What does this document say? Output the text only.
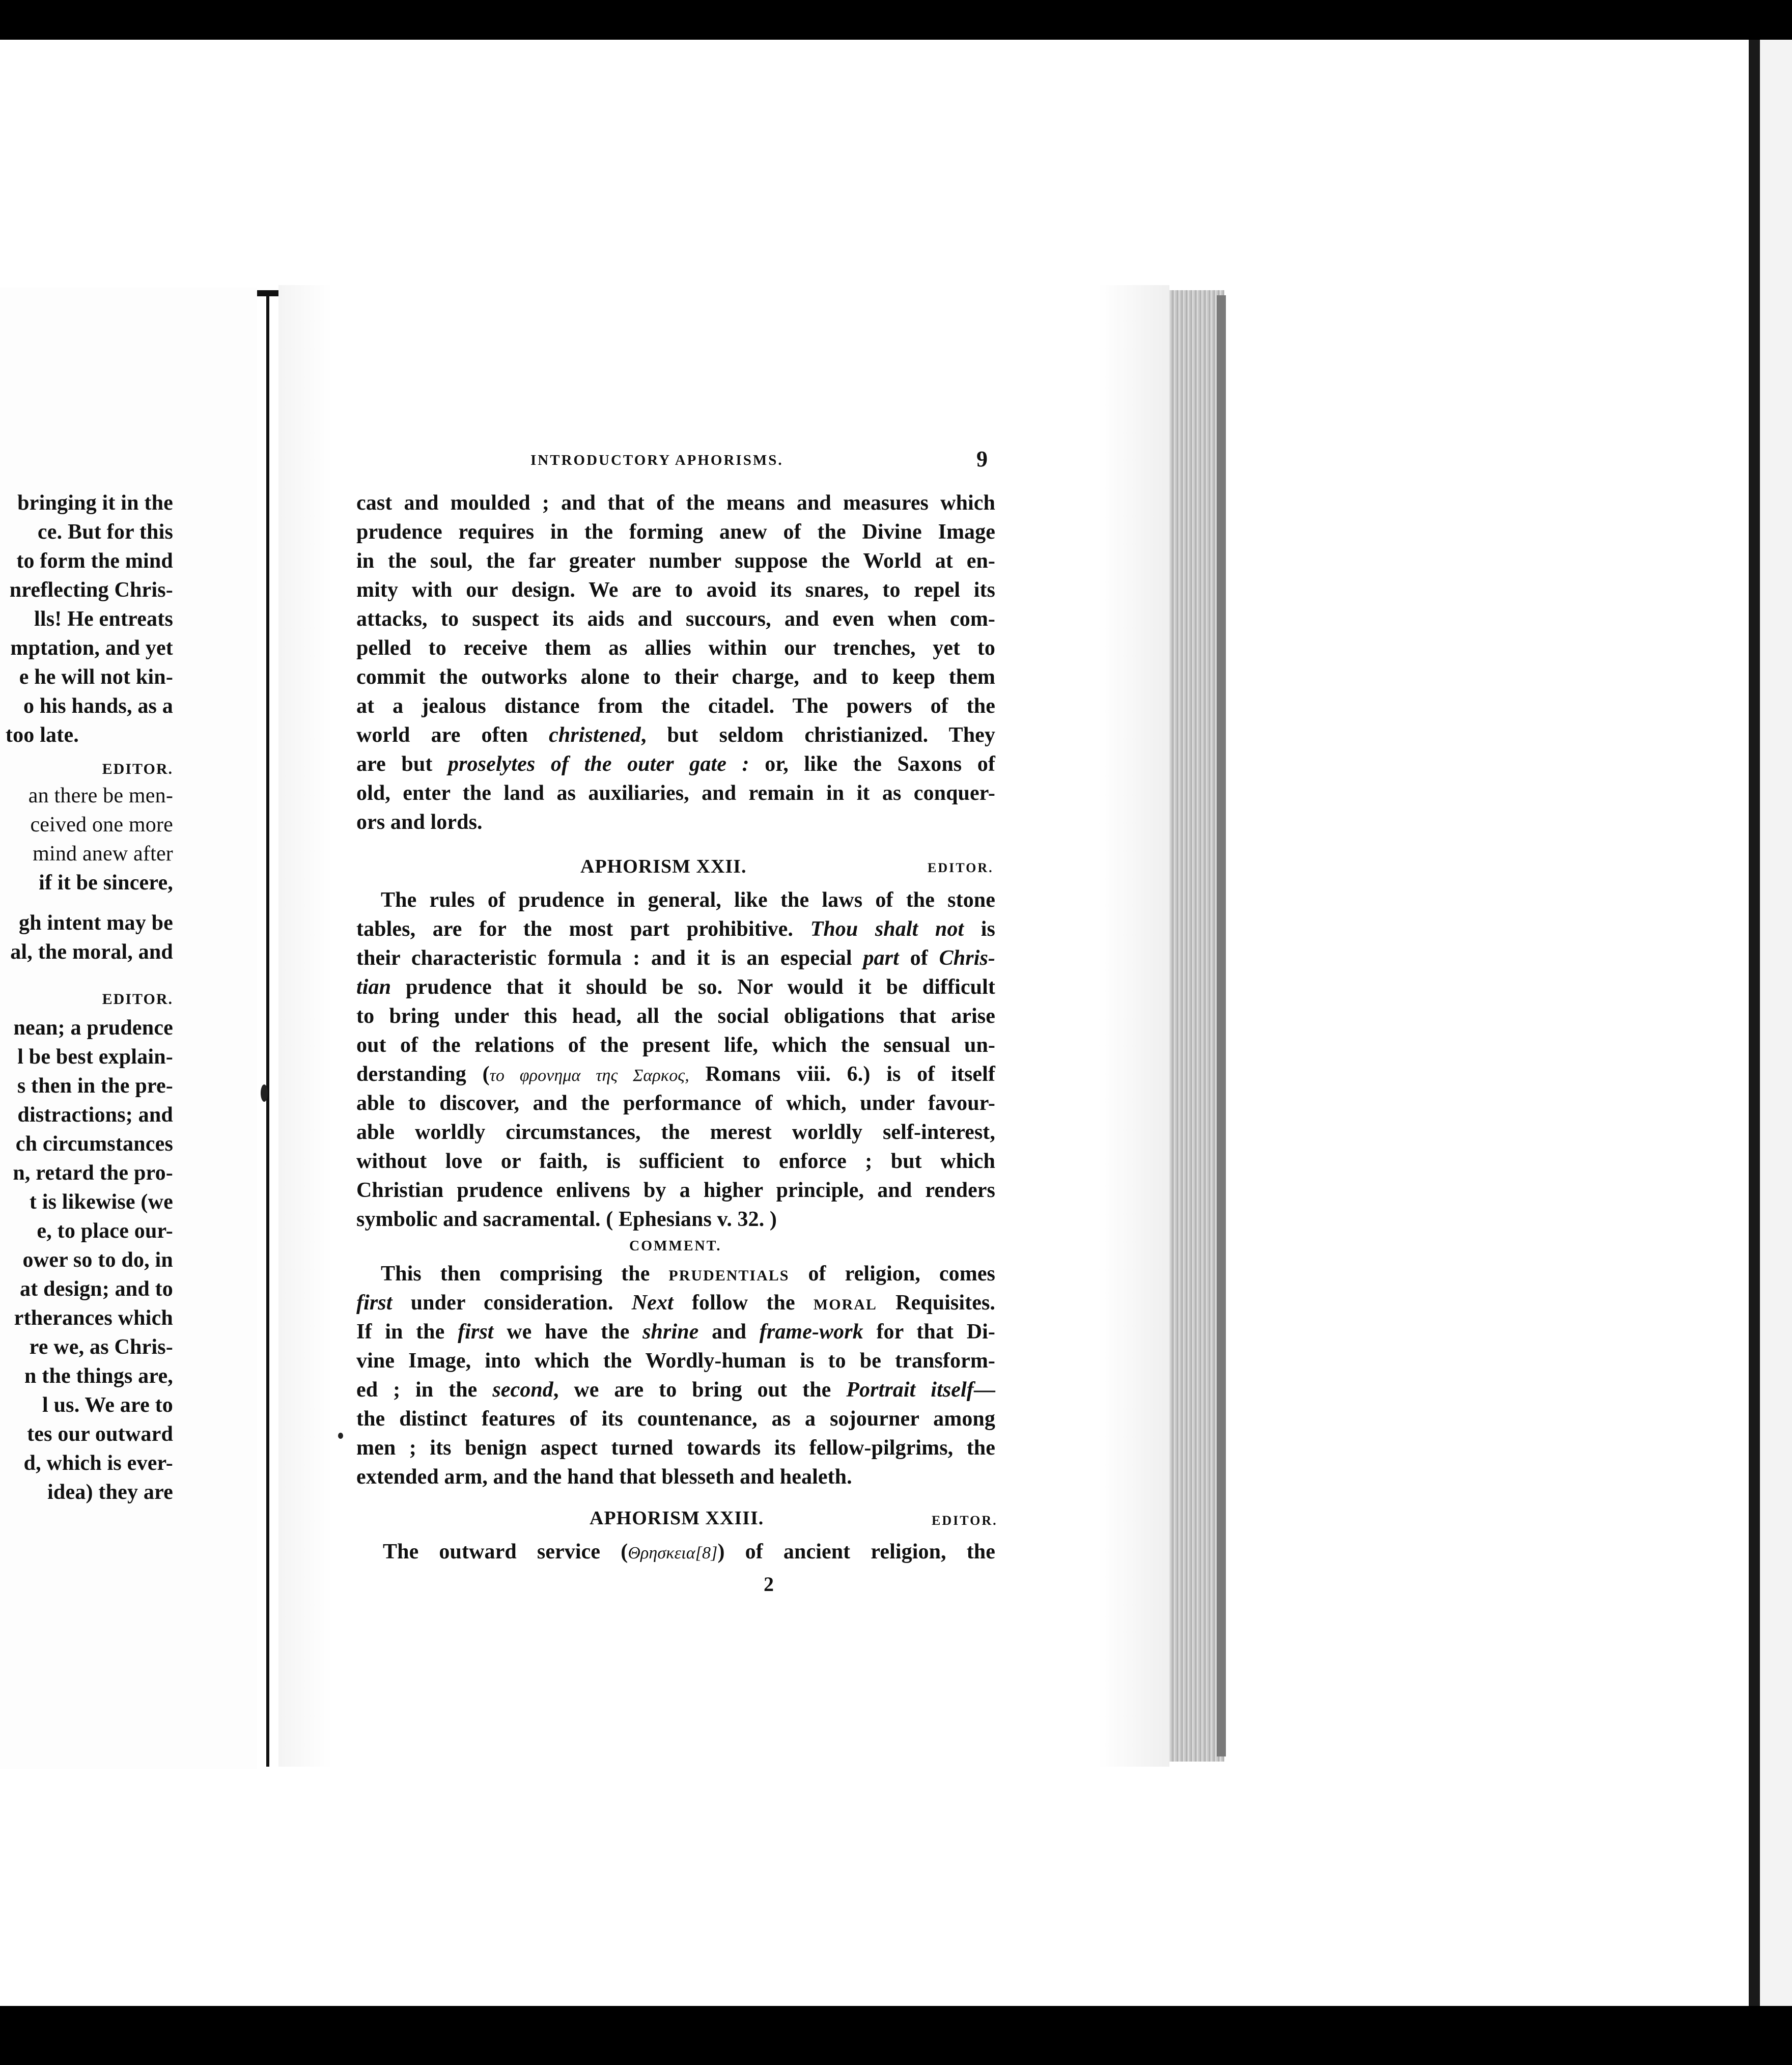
bringing it in the
ce. But for this
to form the mind
nreflecting Chris-
lls! He entreats
mptation, and yet
e he will not kin-
o his hands, as a
too late.
EDITOR.
an there be men-
ceived one more
mind anew after
if it be sincere,
gh intent may be
al, the moral, and
EDITOR.
nean; a prudence
l be best explain-
s then in the pre-
distractions; and
ch circumstances
n, retard the pro-
t is likewise (we
e, to place our-
ower so to do, in
at design; and to
rtherances which
re we, as Chris-
n the things are,
l us. We are to
tes our outward
d, which is ever-
idea) they are
INTRODUCTORY APHORISMS.	9
cast and moulded ; and that of the means and measures which
prudence requires in the forming anew of the Divine Image
in the soul, the far greater number suppose the World at en-
mity with our design. We are to avoid its snares, to repel its
attacks, to suspect its aids and succours, and even when com-
pelled to receive them as allies within our trenches, yet to
commit the outworks alone to their charge, and to keep them
at a jealous distance from the citadel. The powers of the
world are often christened, but seldom christianized. They
are but proselytes of the outer gate : or, like the Saxons of
old, enter the land as auxiliaries, and remain in it as conquer-
ors and lords.
APHORISM XXII.	EDITOR.
The rules of prudence in general, like the laws of the stone
tables, are for the most part prohibitive. Thou shalt not is
their characteristic formula : and it is an especial part of Chris-
tian prudence that it should be so. Nor would it be difficult
to bring under this head, all the social obligations that arise
out of the relations of the present life, which the sensual un-
derstanding (το φρονημα της Σαρκος, Romans viii. 6.) is of itself
able to discover, and the performance of which, under favour-
able worldly circumstances, the merest worldly self-interest,
without love or faith, is sufficient to enforce ; but which
Christian prudence enlivens by a higher principle, and renders
symbolic and sacramental. ( Ephesians v. 32. )
COMMENT.
This then comprising the PRUDENTIALS of religion, comes
first under consideration. Next follow the MORAL Requisites.
If in the first we have the shrine and frame-work for that Di-
vine Image, into which the Wordly-human is to be transform-
ed ; in the second, we are to bring out the Portrait itself—
the distinct features of its countenance, as a sojourner among
men ; its benign aspect turned towards its fellow-pilgrims, the
extended arm, and the hand that blesseth and healeth.
APHORISM XXIII.	EDITOR.
The outward service (Θρησκεια[8]) of ancient religion, the
2
